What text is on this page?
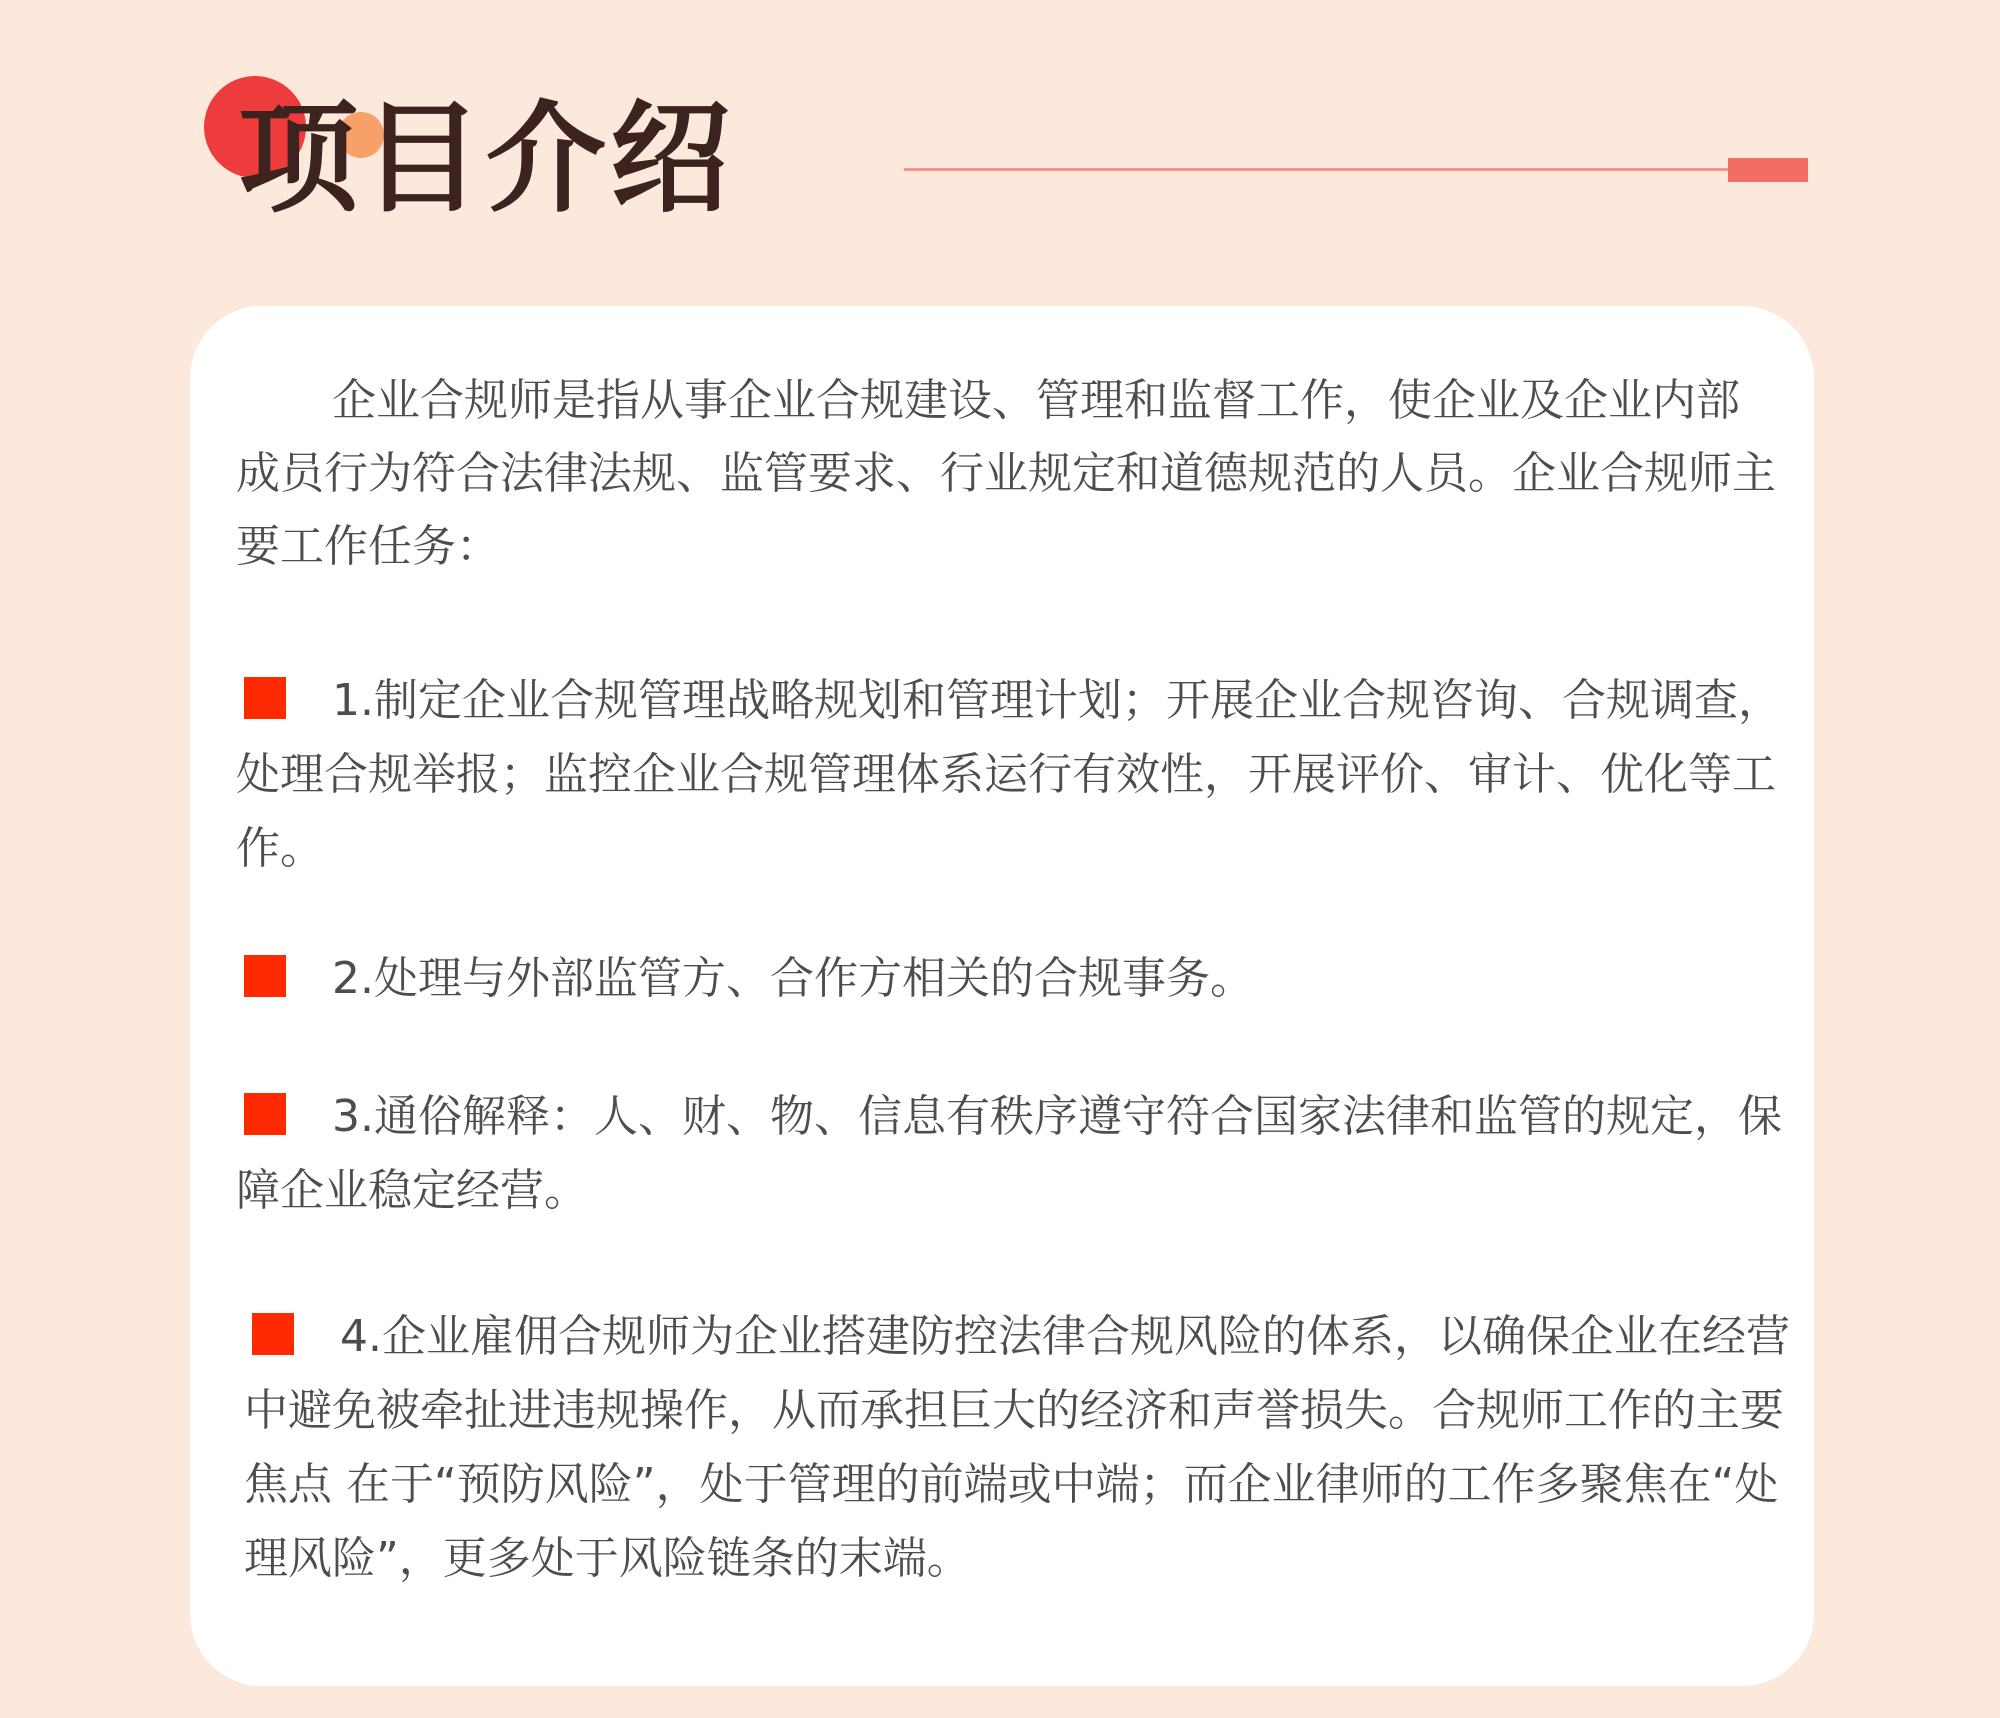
项目介绍

企业合规师是指从事企业合规建设、管理和监督工作，使企业及企业内部成员行为符合法律法规、监管要求、行业规定和道德规范的人员。企业合规师主要工作任务：

1.制定企业合规管理战略规划和管理计划；开展企业合规咨询、合规调查，处理合规举报；监控企业合规管理体系运行有效性，开展评价、审计、优化等工作。

2.处理与外部监管方、合作方相关的合规事务。

3.通俗解释：人、财、物、信息有秩序遵守符合国家法律和监管的规定，保障企业稳定经营。

4.企业雇佣合规师为企业搭建防控法律合规风险的体系，以确保企业在经营中避免被牵扯进违规操作，从而承担巨大的经济和声誉损失。合规师工作的主要焦点 在于“预防风险”，处于管理的前端或中端；而企业律师的工作多聚焦在“处理风险”，更多处于风险链条的末端。
